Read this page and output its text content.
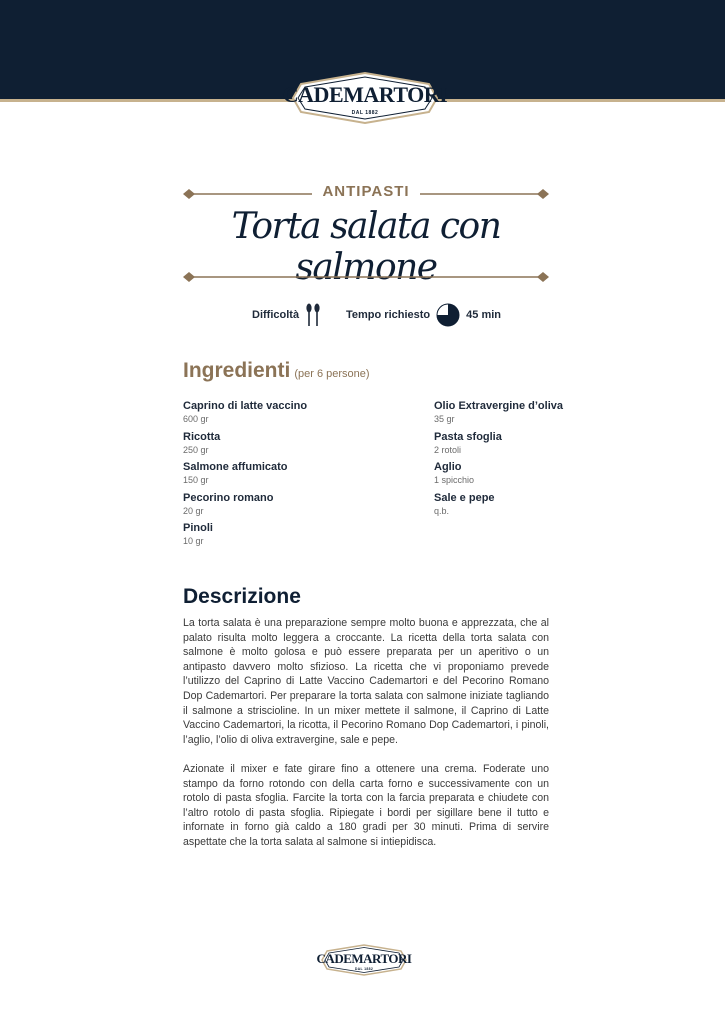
CADEMARTORI
DAL 1882
ANTIPASTI
Torta salata con salmone
Difficoltà	Tempo richiesto	45 min
Ingredienti (per 6 persone)
Caprino di latte vaccino
600 gr
Ricotta
250 gr
Salmone affumicato
150 gr
Pecorino romano
20 gr
Pinoli
10 gr
Olio Extravergine d’oliva
35 gr
Pasta sfoglia
2 rotoli
Aglio
1 spicchio
Sale e pepe
q.b.
Descrizione

La torta salata è una preparazione sempre molto buona e apprezzata, che al palato risulta molto leggera a croccante. La ricetta della torta salata con salmone è molto golosa e può essere preparata per un aperitivo o un antipasto davvero molto sfizioso. La ricetta che vi proponiamo prevede l’utilizzo del Caprino di Latte Vaccino Cademartori e del Pecorino Romano Dop Cademartori. Per preparare la torta salata con salmone iniziate tagliando il salmone a striscioline. In un mixer mettete il salmone, il Caprino di Latte Vaccino Cademartori, la ricotta, il Pecorino Romano Dop Cademartori, i pinoli, l’aglio, l’olio di oliva extravergine, sale e pepe.

Azionate il mixer e fate girare fino a ottenere una crema. Foderate uno stampo da forno rotondo con della carta forno e successivamente con un rotolo di pasta sfoglia. Farcite la torta con la farcia preparata e chiudete con l’altro rotolo di pasta sfoglia. Ripiegate i bordi per sigillare bene il tutto e infornate in forno già caldo a 180 gradi per 30 minuti. Prima di servire aspettate che la torta salata al salmone si intiepidisca.

CADEMARTORI
DAL 1882
